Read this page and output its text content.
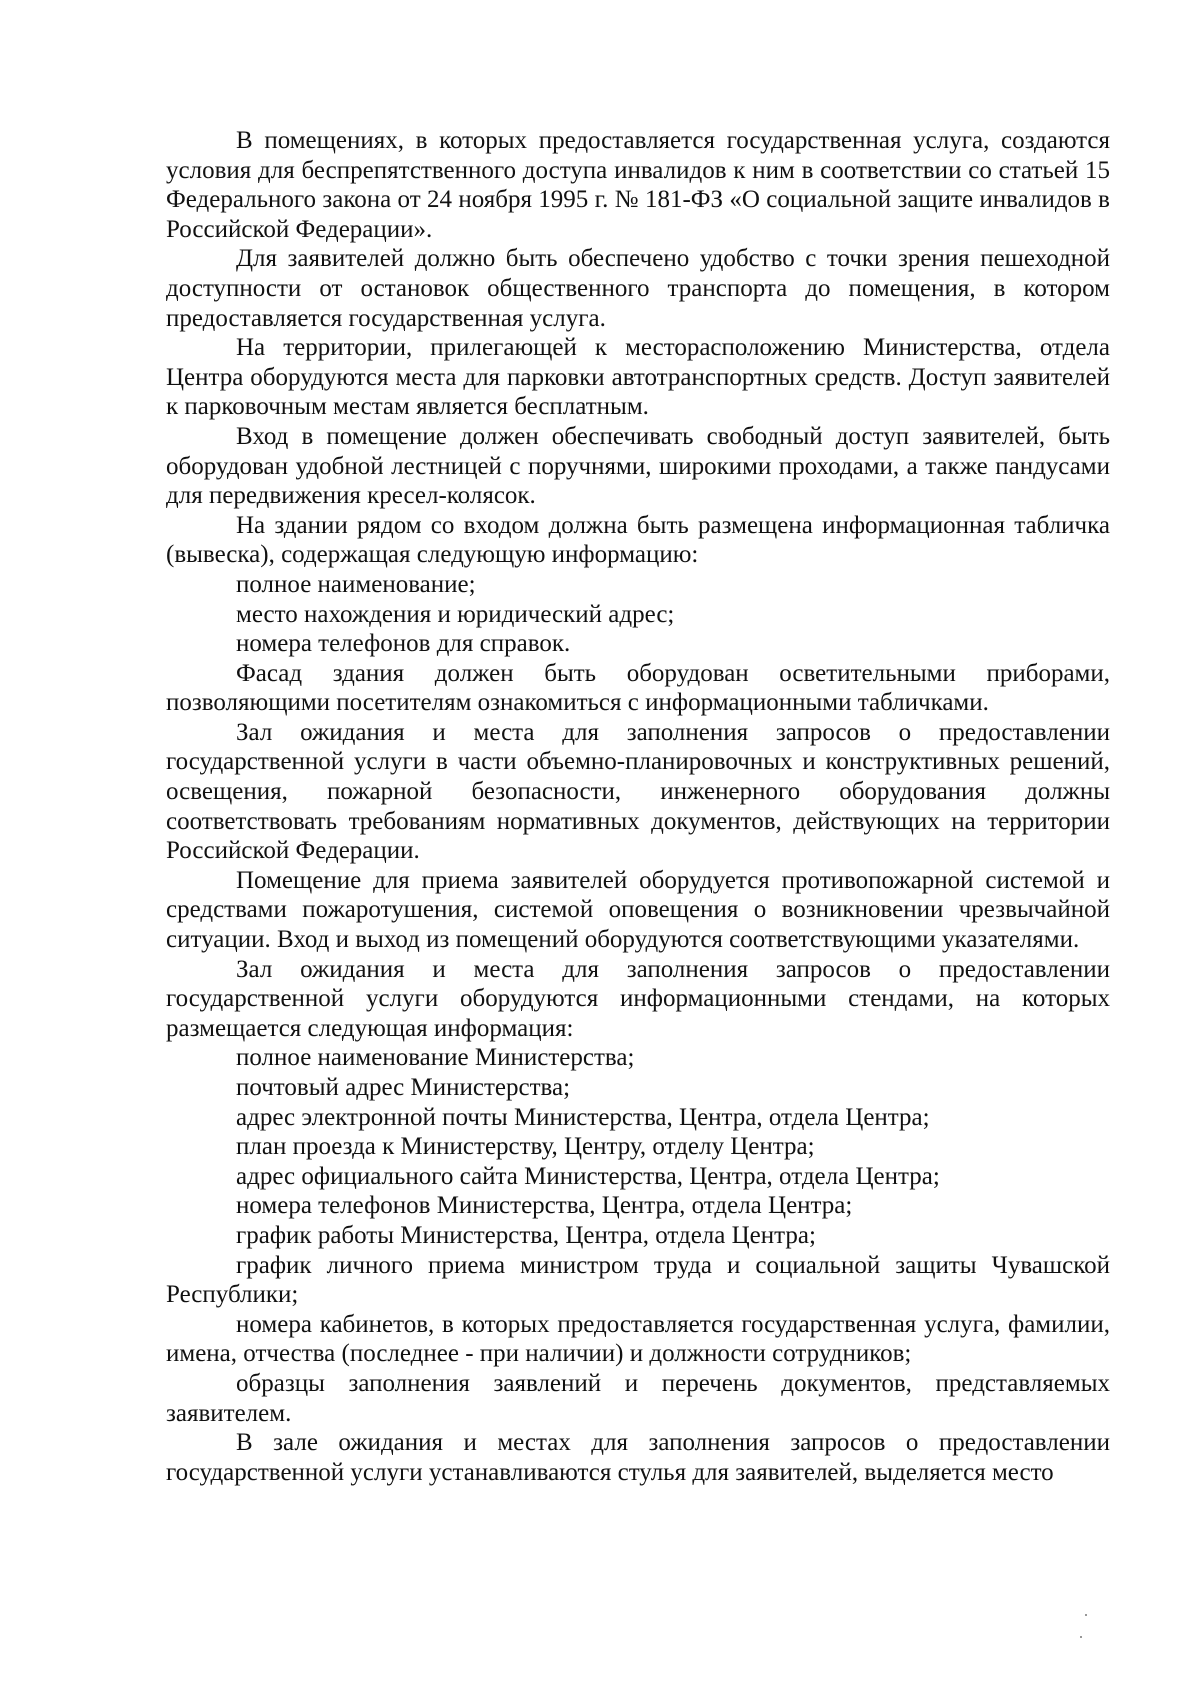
В помещениях, в которых предоставляется государственная услуга, создаются условия для беспрепятственного доступа инвалидов к ним в соответствии со статьей 15 Федерального закона от 24 ноября 1995 г. № 181-ФЗ «О социальной защите инвалидов в Российской Федерации».

Для заявителей должно быть обеспечено удобство с точки зрения пешеходной доступности от остановок общественного транспорта до помещения, в котором предоставляется государственная услуга.

На территории, прилегающей к месторасположению Министерства, отдела Центра оборудуются места для парковки автотранспортных средств. Доступ заявителей к парковочным местам является бесплатным.

Вход в помещение должен обеспечивать свободный доступ заявителей, быть оборудован удобной лестницей с поручнями, широкими проходами, а также пандусами для передвижения кресел-колясок.

На здании рядом со входом должна быть размещена информационная табличка (вывеска), содержащая следующую информацию:

полное наименование;

место нахождения и юридический адрес;

номера телефонов для справок.

Фасад здания должен быть оборудован осветительными приборами, позволяющими посетителям ознакомиться с информационными табличками.

Зал ожидания и места для заполнения запросов о предоставлении государственной услуги в части объемно-планировочных и конструктивных решений, освещения, пожарной безопасности, инженерного оборудования должны соответствовать требованиям нормативных документов, действующих на территории Российской Федерации.

Помещение для приема заявителей оборудуется противопожарной системой и средствами пожаротушения, системой оповещения о возникновении чрезвычайной ситуации. Вход и выход из помещений оборудуются соответствующими указателями.

Зал ожидания и места для заполнения запросов о предоставлении государственной услуги оборудуются информационными стендами, на которых размещается следующая информация:

полное наименование Министерства;

почтовый адрес Министерства;

адрес электронной почты Министерства, Центра, отдела Центра;

план проезда к Министерству, Центру, отделу Центра;

адрес официального сайта Министерства, Центра, отдела Центра;

номера телефонов Министерства, Центра, отдела Центра;

график работы Министерства, Центра, отдела Центра;

график личного приема министром труда и социальной защиты Чувашской Республики;

номера кабинетов, в которых предоставляется государственная услуга, фамилии, имена, отчества (последнее - при наличии) и должности сотрудников;

образцы заполнения заявлений и перечень документов, представляемых заявителем.

В зале ожидания и местах для заполнения запросов о предоставлении государственной услуги устанавливаются стулья для заявителей, выделяется место
